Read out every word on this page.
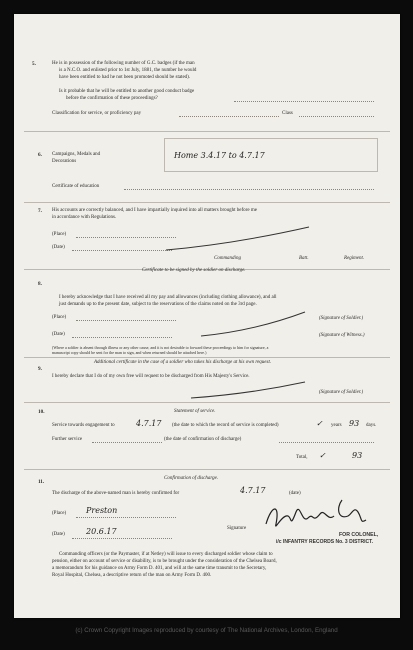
5.	He is in possession of the following number of G.C. badges (if the man
is a N.C.O. and enlisted prior to 1st July, 1881, the number he would
have been entitled to had he not been promoted should be stated).
Is it probable that he will be entitled to another good conduct badge
before the confirmation of these proceedings?
Classification for service, or proficiency pay	Class
6. Campaigns, Medals and
Decorations
Home 3.4.17 to 4.7.17
Certificate of education
7. His accounts are correctly balanced, and I have impartially inquired into all matters brought before me
in accordance with Regulations.
(Place)
(Date)
Commanding	Batt.	Regiment.
8.
Certificate to be signed by the soldier on discharge.
I hereby acknowledge that I have received all my pay and allowances (including clothing allowance), and all
just demands up to the present date, subject to the reservations of the claims noted on the 3rd page.
(Place)	(Signature of Soldier.)
(Date)	(Signature of Witness.)
(Where a soldier is absent through illness or any other cause, and it is not desirable to forward these proceedings to him for signature, a
manuscript copy should be sent for the man to sign, and when returned should be attached here.)
9.
Additional certificate in the case of a soldier who takes his discharge at his own request.
I hereby declare that I do of my own free will request to be discharged from His Majesty's Service.
(Signature of Soldier.)
10.	Statement of service.
Service towards engagement to	4.7.17 (the date to which the record of service is completed)	✓ years 93 days.
Further service	(the date of confirmation of discharge)
Total, ✓	93
11.
Confirmation of discharge.
The discharge of the above-named man is hereby confirmed for	4.7.17	(date)
(Place) Preston
Signature
(Date)	20.6.17	FOR COLONEL,
i/c INFANTRY RECORDS No. 3 DISTRICT.
Commanding officers (or the Paymaster, if at Netley) will issue to every discharged soldier whose claim to
pension, either on account of service or disability, is to be brought under the consideration of the Chelsea Board,
a memorandum for his guidance on Army Form D. 401, and will at the same time transmit to the Secretary,
Royal Hospital, Chelsea, a descriptive return of the man on Army Form D. 400.
(c) Crown Copyright Images reproduced by courtesy of The National Archives, London, England
